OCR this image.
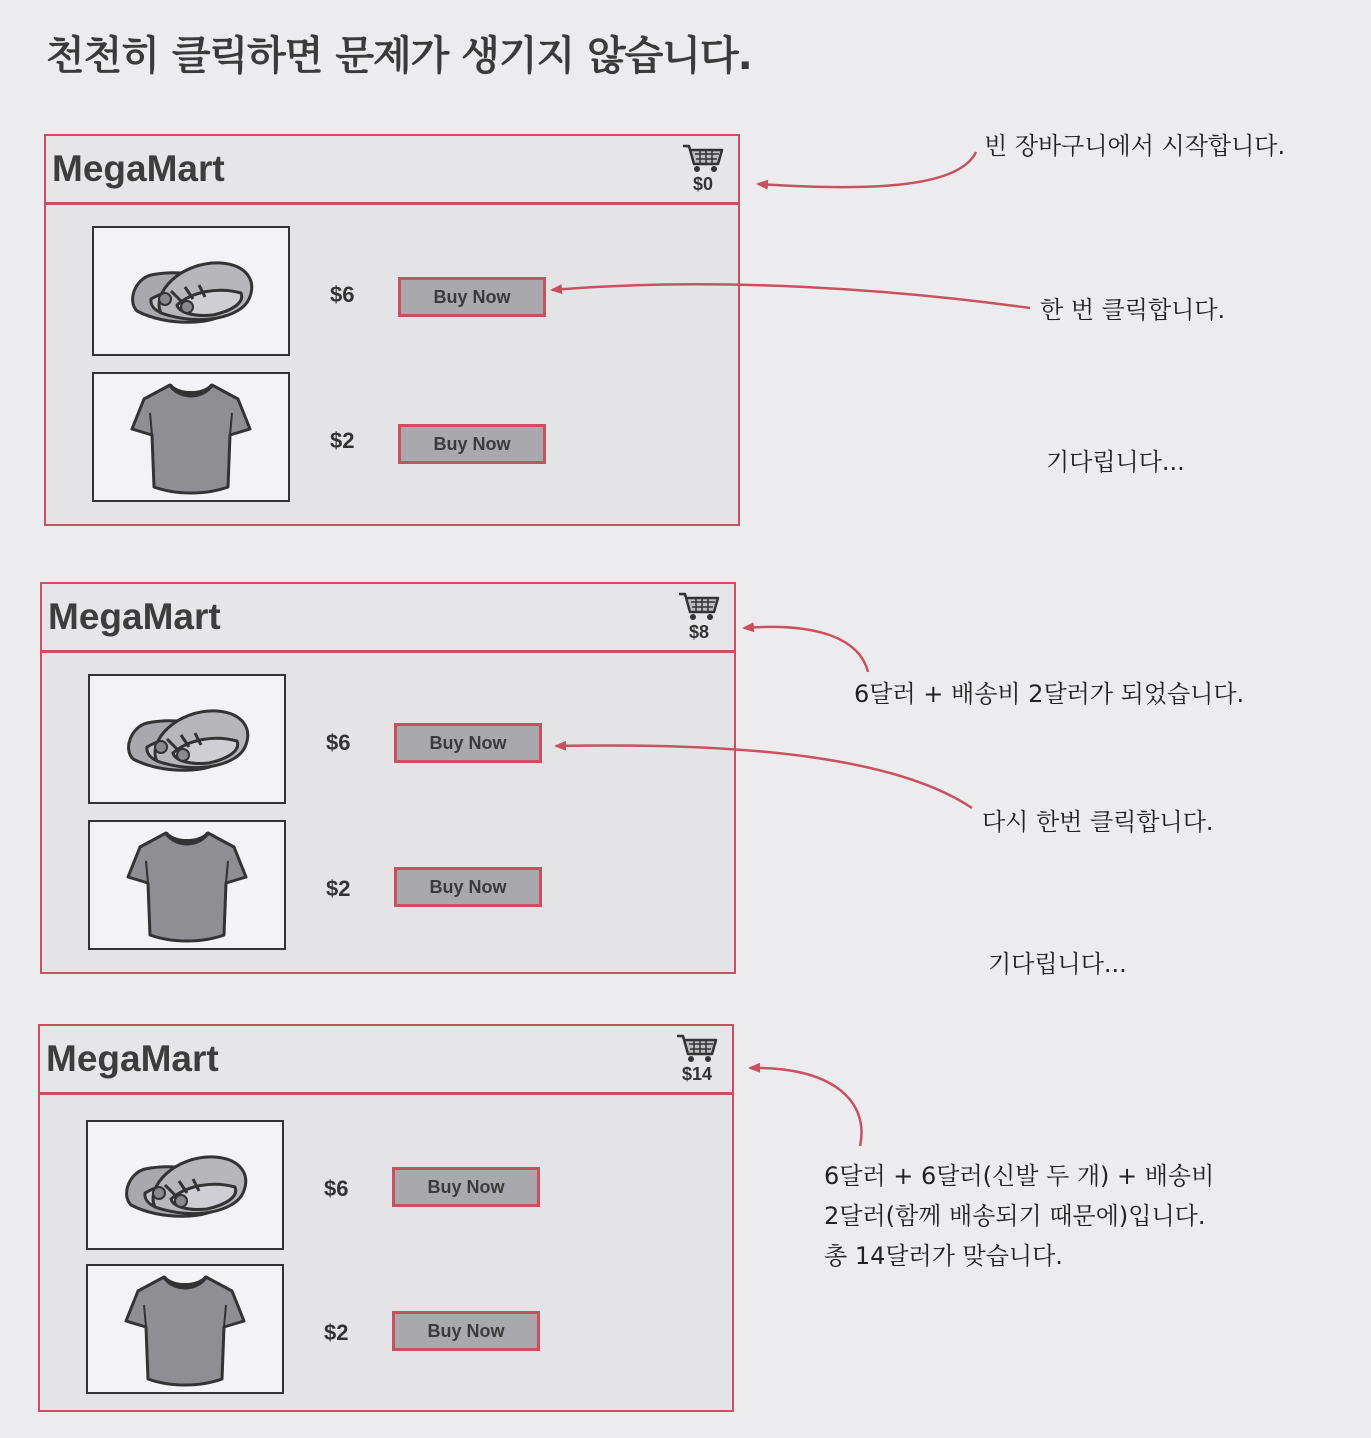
천천히 클릭하면 문제가 생기지 않습니다.
MegaMart	$0
$6	Buy Now
$2	Buy Now
MegaMart	$8
$6	Buy Now
$2	Buy Now
MegaMart	$14
$6	Buy Now
$2	Buy Now
빈 장바구니에서 시작합니다.
한 번 클릭합니다.
기다립니다...
6달러 + 배송비 2달러가 되었습니다.
다시 한번 클릭합니다.
기다립니다...
6달러 + 6달러(신발 두 개) + 배송비
2달러(함께 배송되기 때문에)입니다.
총 14달러가 맞습니다.
